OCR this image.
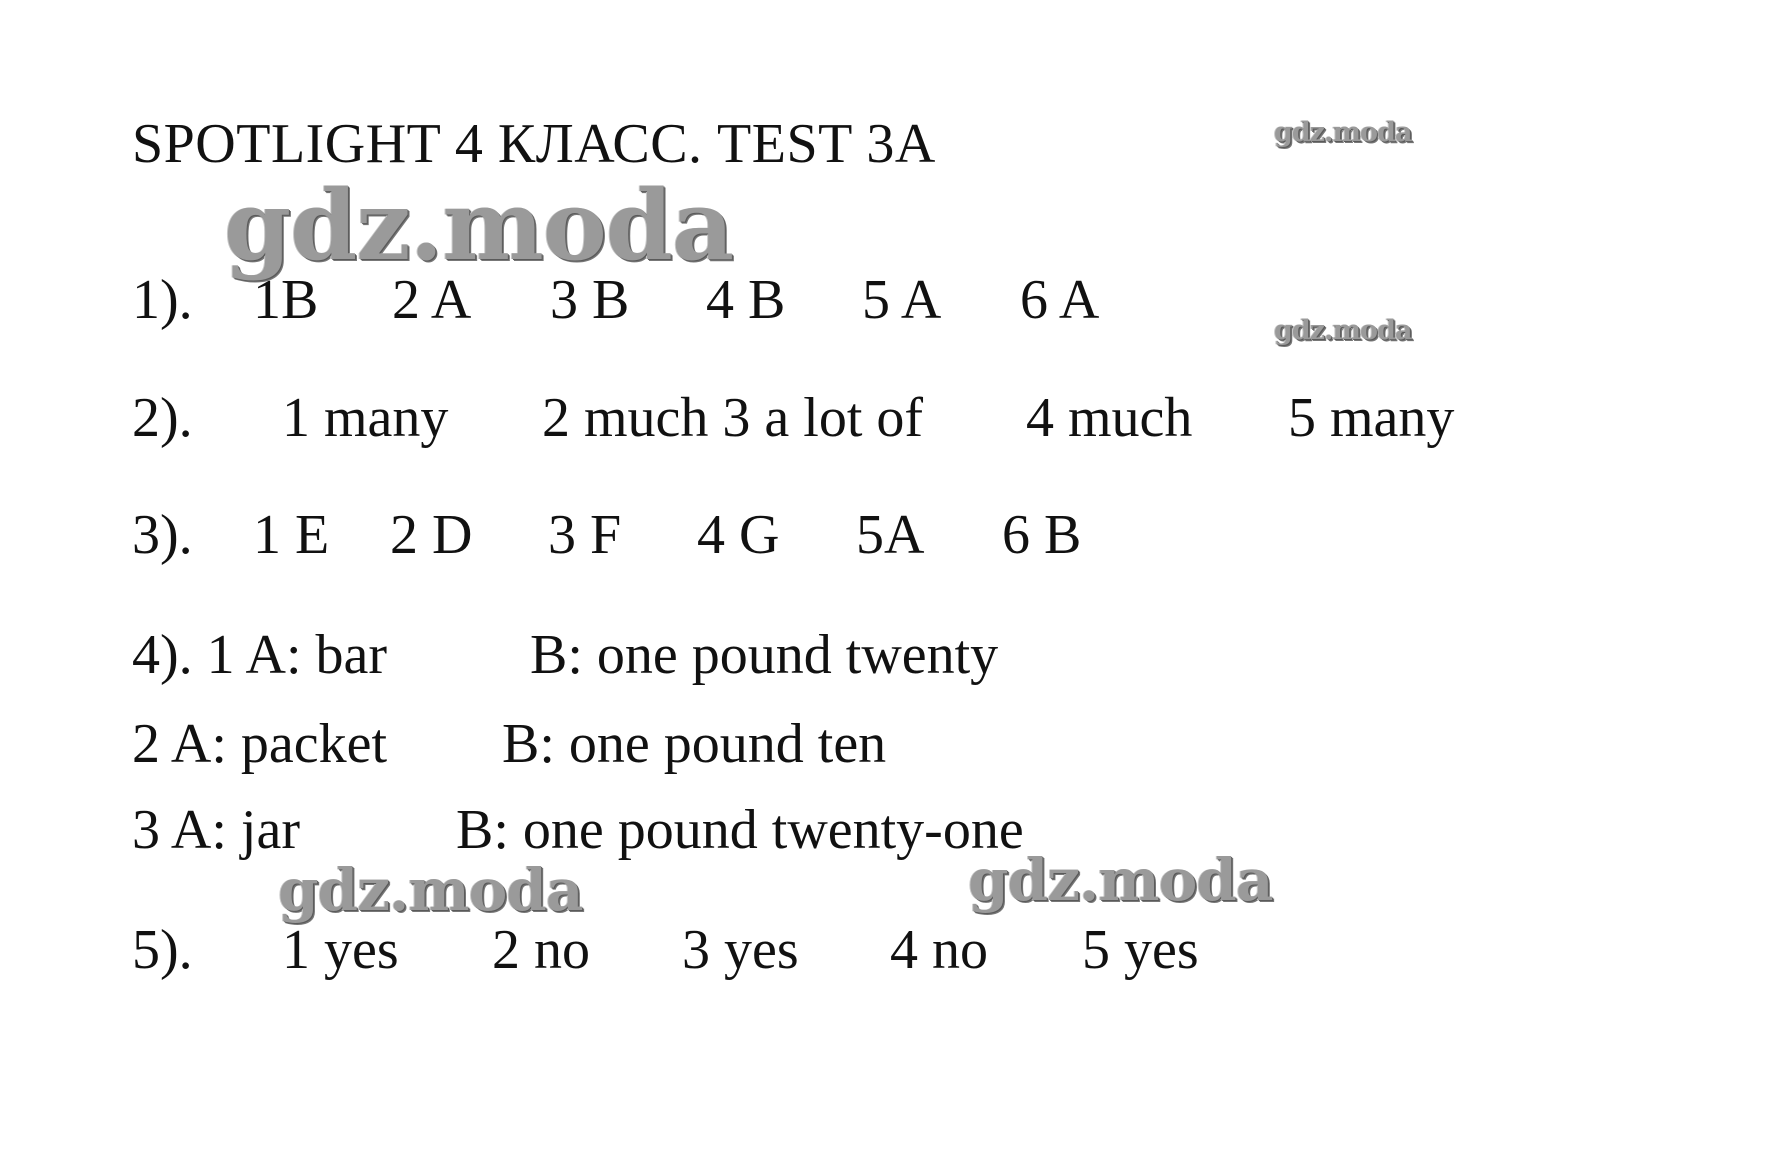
SPOTLIGHT 4 КЛАСС. TEST 3A	gdz.moda
gdz.moda
gdz.moda
gdz.moda	gdz.moda
1). 1B 2 A 3 B 4 B 5 A 6 A
2). 1 many 2 much 3 a lot of 4 much 5 many
3). 1 E 2 D 3 F 4 G 5A 6 B
4). 1 A: bar	B: one pound twenty
2 A: packet B: one pound ten
3 A: jar	B: one pound twenty-one
5). 1 yes 2 no 3 yes 4 no 5 yes
